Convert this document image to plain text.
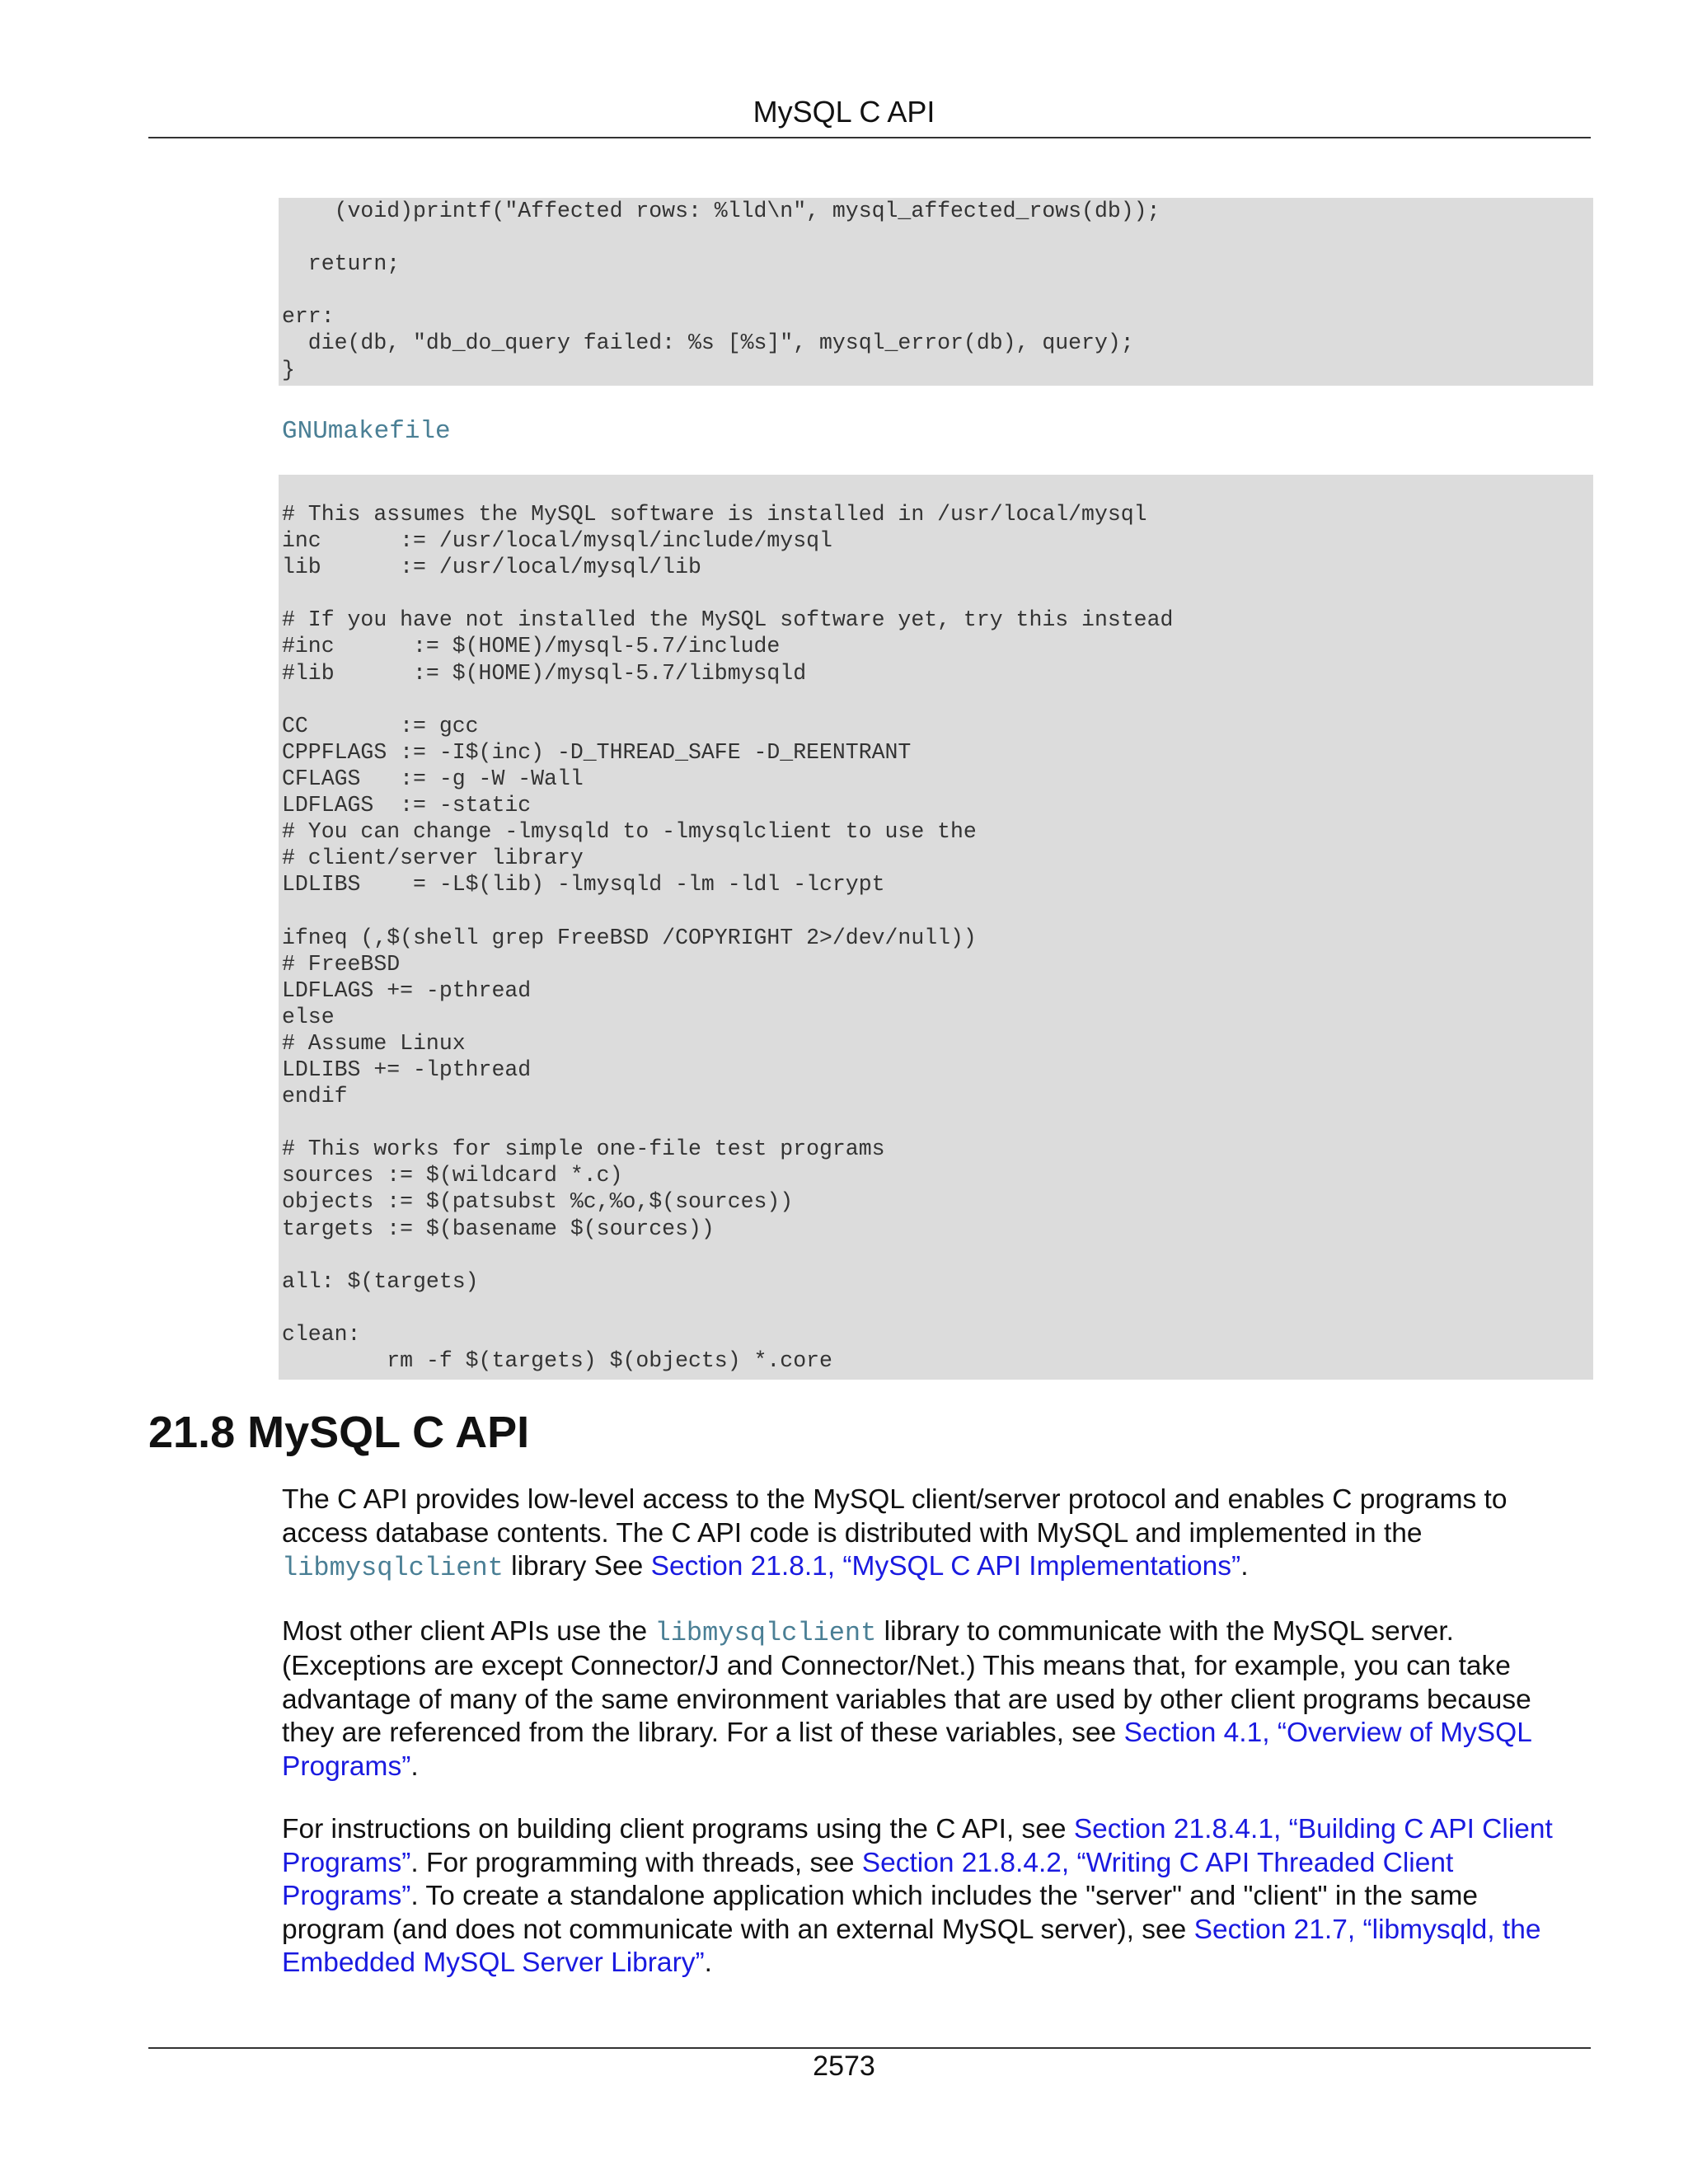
MySQL C API
(void)printf("Affected rows: %lld\n", mysql_affected_rows(db));

return;

err:
die(db, "db_do_query failed: %s [%s]", mysql_error(db), query);
}
GNUmakefile
# This assumes the MySQL software is installed in /usr/local/mysql
inc      := /usr/local/mysql/include/mysql
lib      := /usr/local/mysql/lib

# If you have not installed the MySQL software yet, try this instead
#inc      := $(HOME)/mysql-5.7/include
#lib      := $(HOME)/mysql-5.7/libmysqld

CC       := gcc
CPPFLAGS := -I$(inc) -D_THREAD_SAFE -D_REENTRANT
CFLAGS   := -g -W -Wall
LDFLAGS  := -static
# You can change -lmysqld to -lmysqlclient to use the
# client/server library
LDLIBS    = -L$(lib) -lmysqld -lm -ldl -lcrypt

ifneq (,$(shell grep FreeBSD /COPYRIGHT 2>/dev/null))
# FreeBSD
LDFLAGS += -pthread
else
# Assume Linux
LDLIBS += -lpthread
endif

# This works for simple one-file test programs
sources := $(wildcard *.c)
objects := $(patsubst %c,%o,$(sources))
targets := $(basename $(sources))

all: $(targets)

clean:
	rm -f $(targets) $(objects) *.core
21.8 MySQL C API

The C API provides low-level access to the MySQL client/server protocol and enables C programs to access database contents. The C API code is distributed with MySQL and implemented in the libmysqlclient library See Section 21.8.1, “MySQL C API Implementations”.

Most other client APIs use the libmysqlclient library to communicate with the MySQL server. (Exceptions are except Connector/J and Connector/Net.) This means that, for example, you can take advantage of many of the same environment variables that are used by other client programs because they are referenced from the library. For a list of these variables, see Section 4.1, “Overview of MySQL Programs”.

For instructions on building client programs using the C API, see Section 21.8.4.1, “Building C API Client Programs”. For programming with threads, see Section 21.8.4.2, “Writing C API Threaded Client Programs”. To create a standalone application which includes the "server" and "client" in the same program (and does not communicate with an external MySQL server), see Section 21.7, “libmysqld, the Embedded MySQL Server Library”.

2573
